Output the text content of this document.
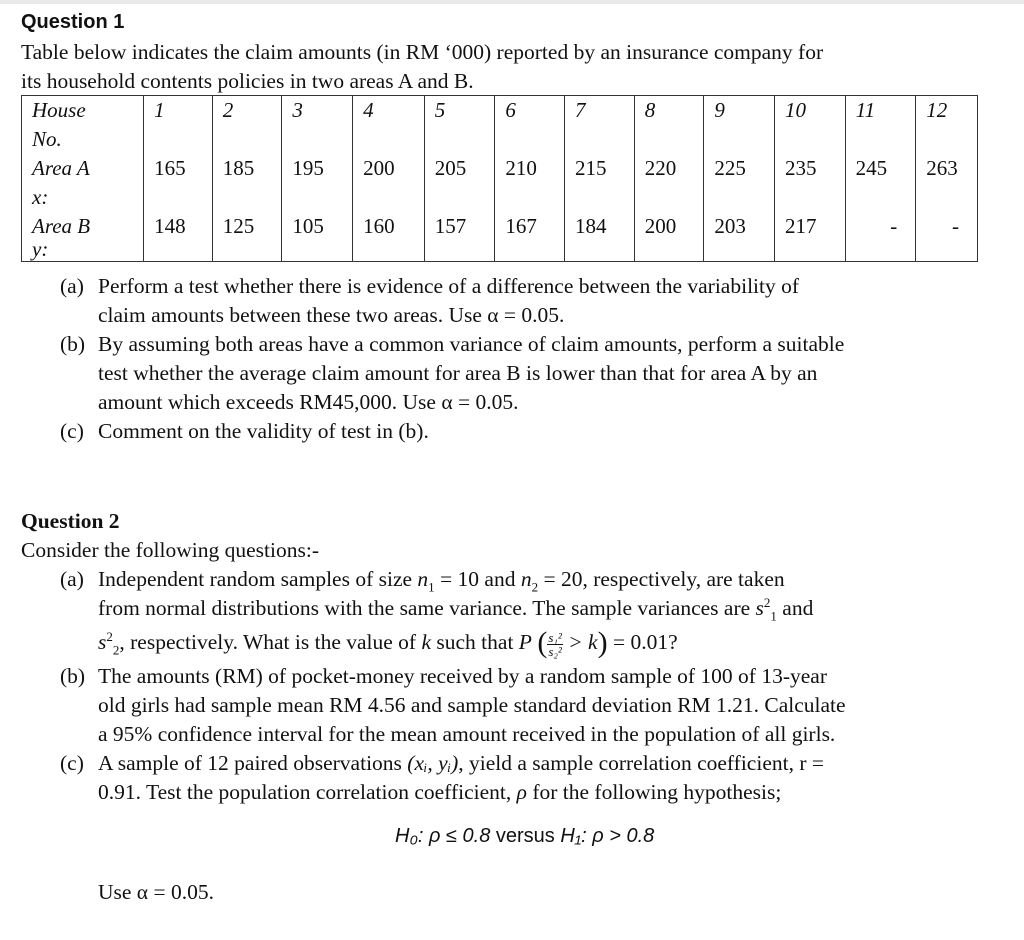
Question 1
Table below indicates the claim amounts (in RM ‘000) reported by an insurance company for
its household contents policies in two areas A and B.
House	1	2	3	4	5	6	7	8	9	10	11	12
No.												
Area A	165	185	195	200	205	210	215	220	225	235	245	263
x:												
Area B	148	125	105	160	157	167	184	200	203	217	-	-
y:												
(a) Perform a test whether there is evidence of a difference between the variability of
claim amounts between these two areas. Use α = 0.05.
(b) By assuming both areas have a common variance of claim amounts, perform a suitable
test whether the average claim amount for area B is lower than that for area A by an
amount which exceeds RM45,000. Use α = 0.05.
(c) Comment on the validity of test in (b).
Question 2
Consider the following questions:-
(a) Independent random samples of size $n_1 = 10$ and $n_2 = 20$, respectively, are taken
from normal distributions with the same variance. The sample variances are $s^2_1$ and
$s^2_2$, respectively. What is the value of k such that P ( $\frac{\text{s₁²}}{\text{s₂²}} > k) = 0.01$?
(b) The amounts (RM) of pocket-money received by a random sample of 100 of 13-year
old girls had sample mean RM 4.56 and sample standard deviation RM 1.21. Calculate
a 95% confidence interval for the mean amount received in the population of all girls.
(c) A sample of 12 paired observations (xᵢ, yᵢ), yield a sample correlation coefficient, r =
0.91. Test the population correlation coefficient, ρ for the following hypothesis;
H₀: ρ ≤ 0.8 versus H₁: ρ > 0.8
Use α = 0.05.
